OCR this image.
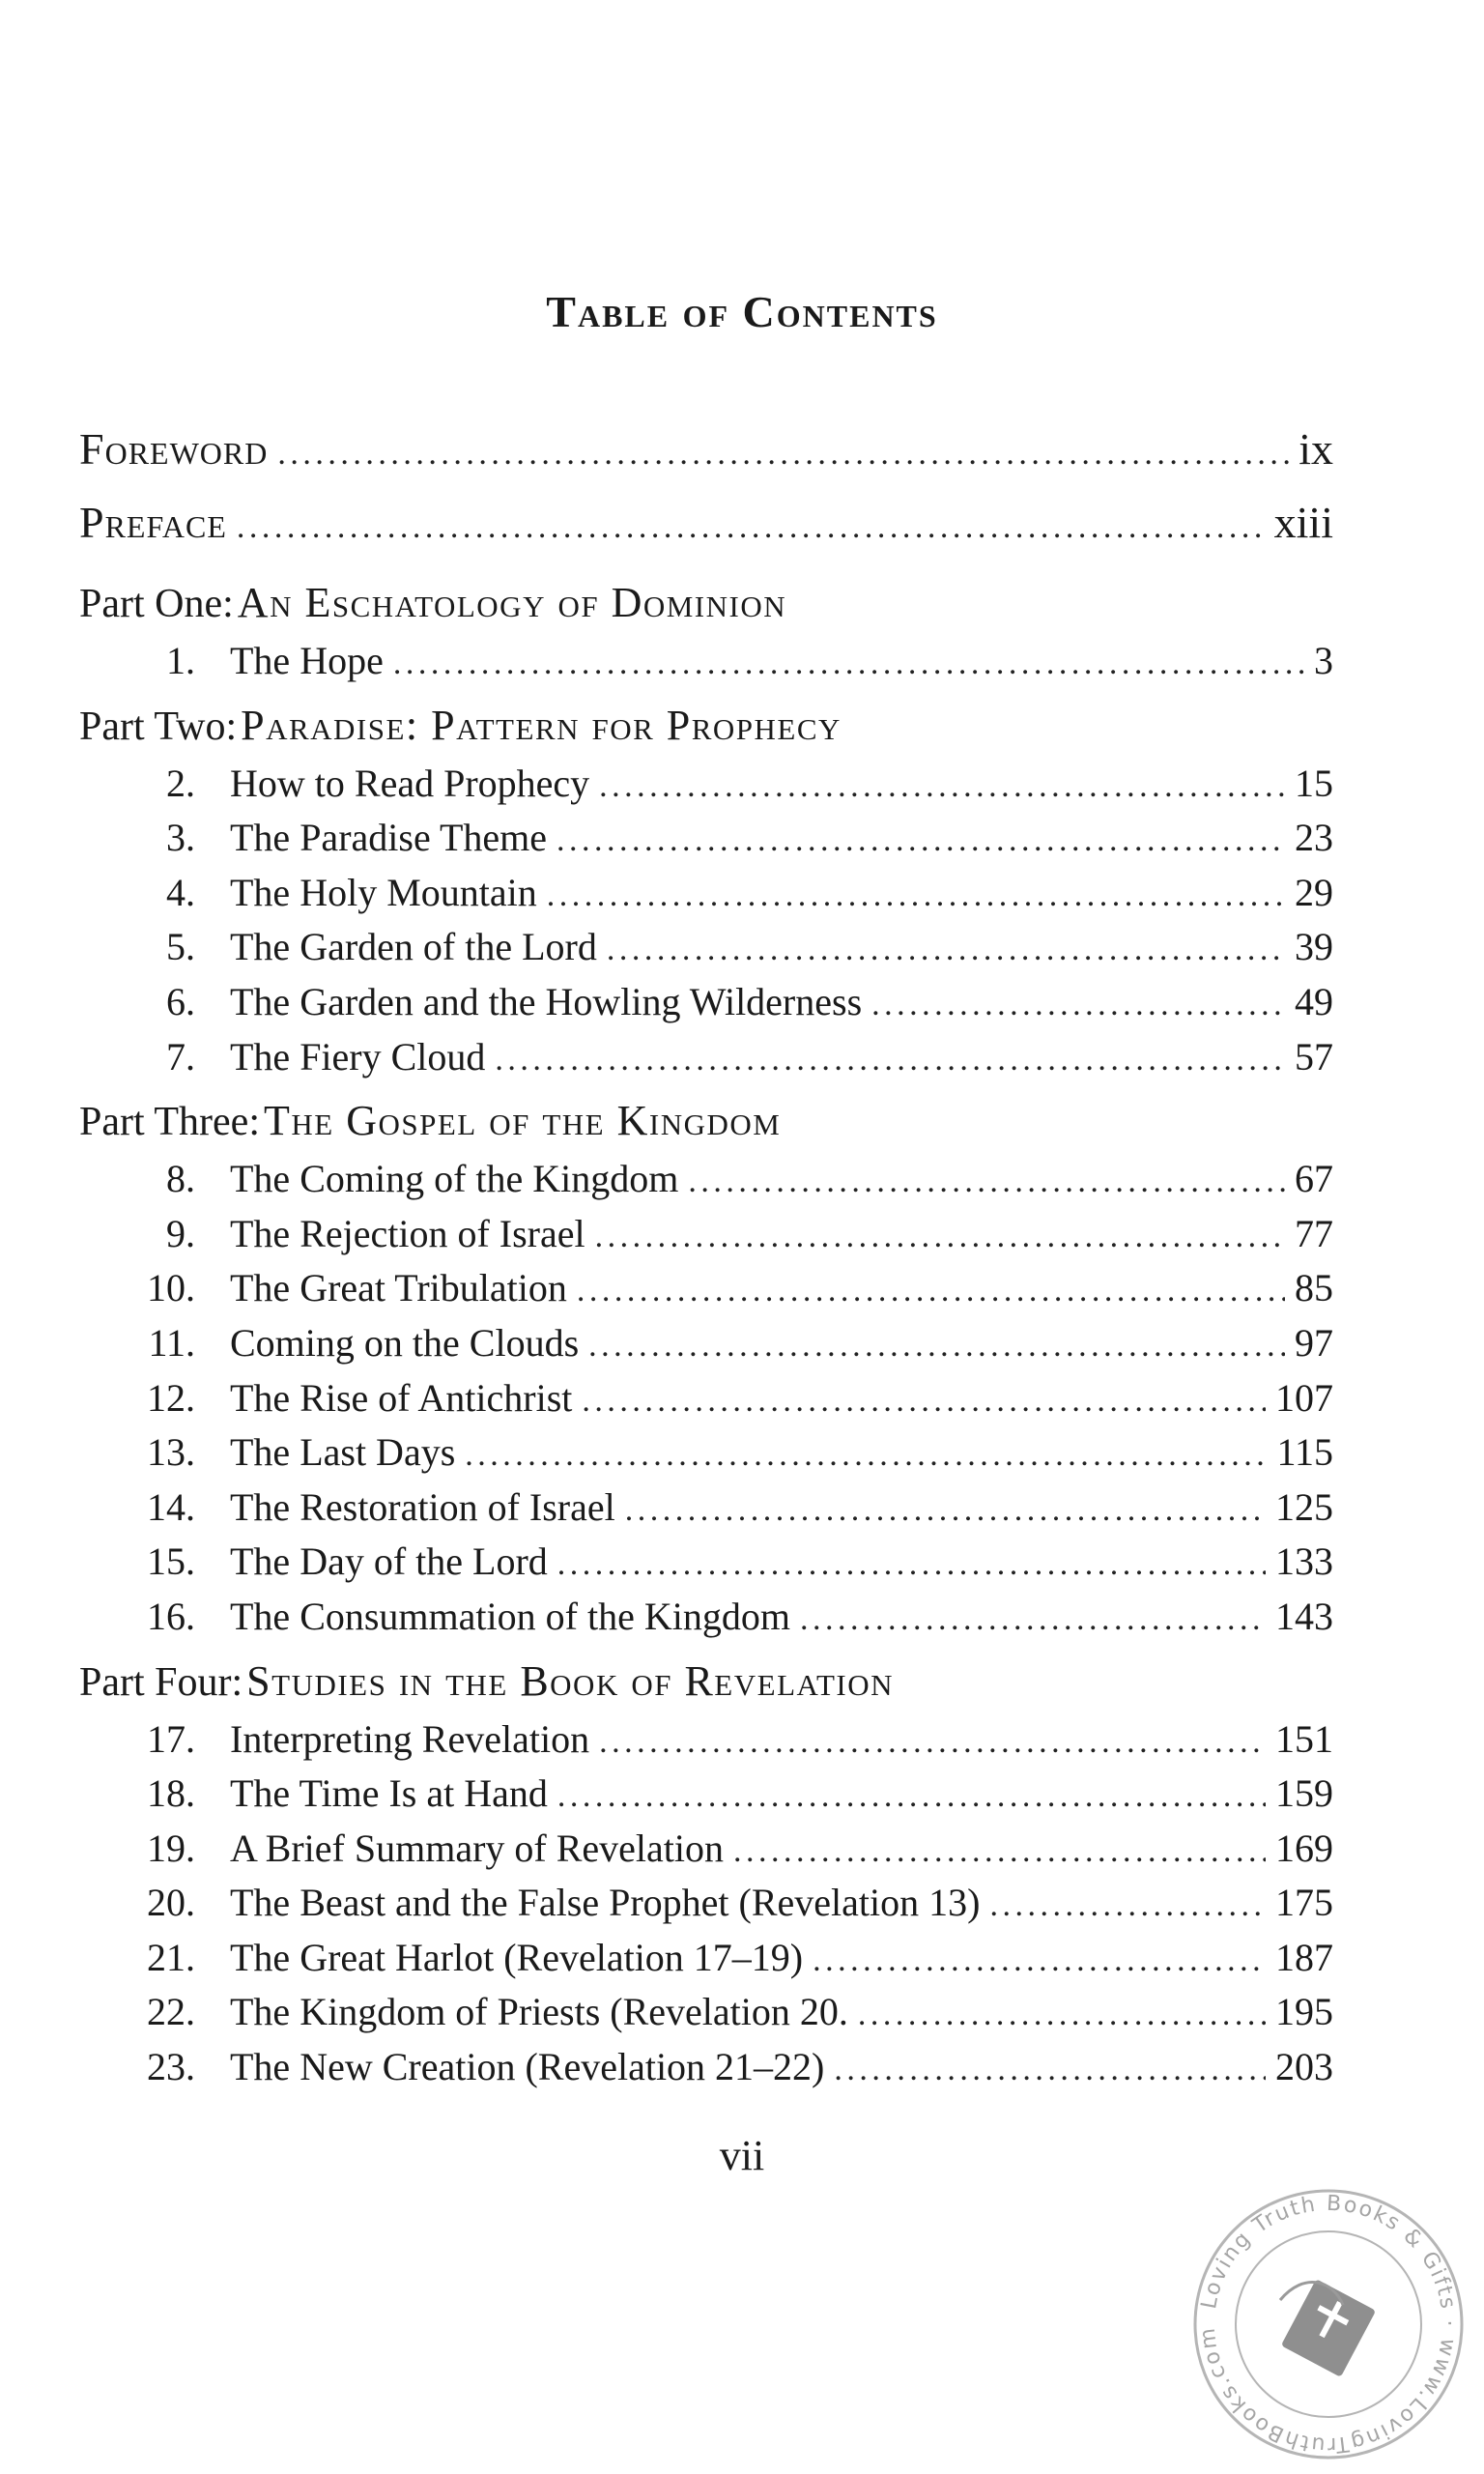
Table of Contents
Foreword . . .	ix
Preface . . .	xiii
Part One: An Eschatology of Dominion
1. The Hope . . .	3
Part Two: Paradise: Pattern for Prophecy
2. How to Read Prophecy . . .	15
3. The Paradise Theme . . .	23
4. The Holy Mountain . . .	29
5. The Garden of the Lord . . .	39
6. The Garden and the Howling Wilderness . . .	49
7. The Fiery Cloud . . .	57
Part Three: The Gospel of the Kingdom
8. The Coming of the Kingdom . . .	67
9. The Rejection of Israel . . .	77
10. The Great Tribulation . . .	85
11. Coming on the Clouds . . .	97
12. The Rise of Antichrist . . .	107
13. The Last Days . . .	115
14. The Restoration of Israel . . .	125
15. The Day of the Lord . . .	133
16. The Consummation of the Kingdom . . .	143
Part Four: Studies in the Book of Revelation
17. Interpreting Revelation . . .	151
18. The Time Is at Hand . . .	159
19. A Brief Summary of Revelation . . .	169
20. The Beast and the False Prophet (Revelation 13) . . .	175
21. The Great Harlot (Revelation 17–19) . . .	187
22. The Kingdom of Priests (Revelation 20. . . .	195
23. The New Creation (Revelation 21–22) . . .	203
vii
Loving Truth Books & Gifts · www.LovingTruthBooks.com
